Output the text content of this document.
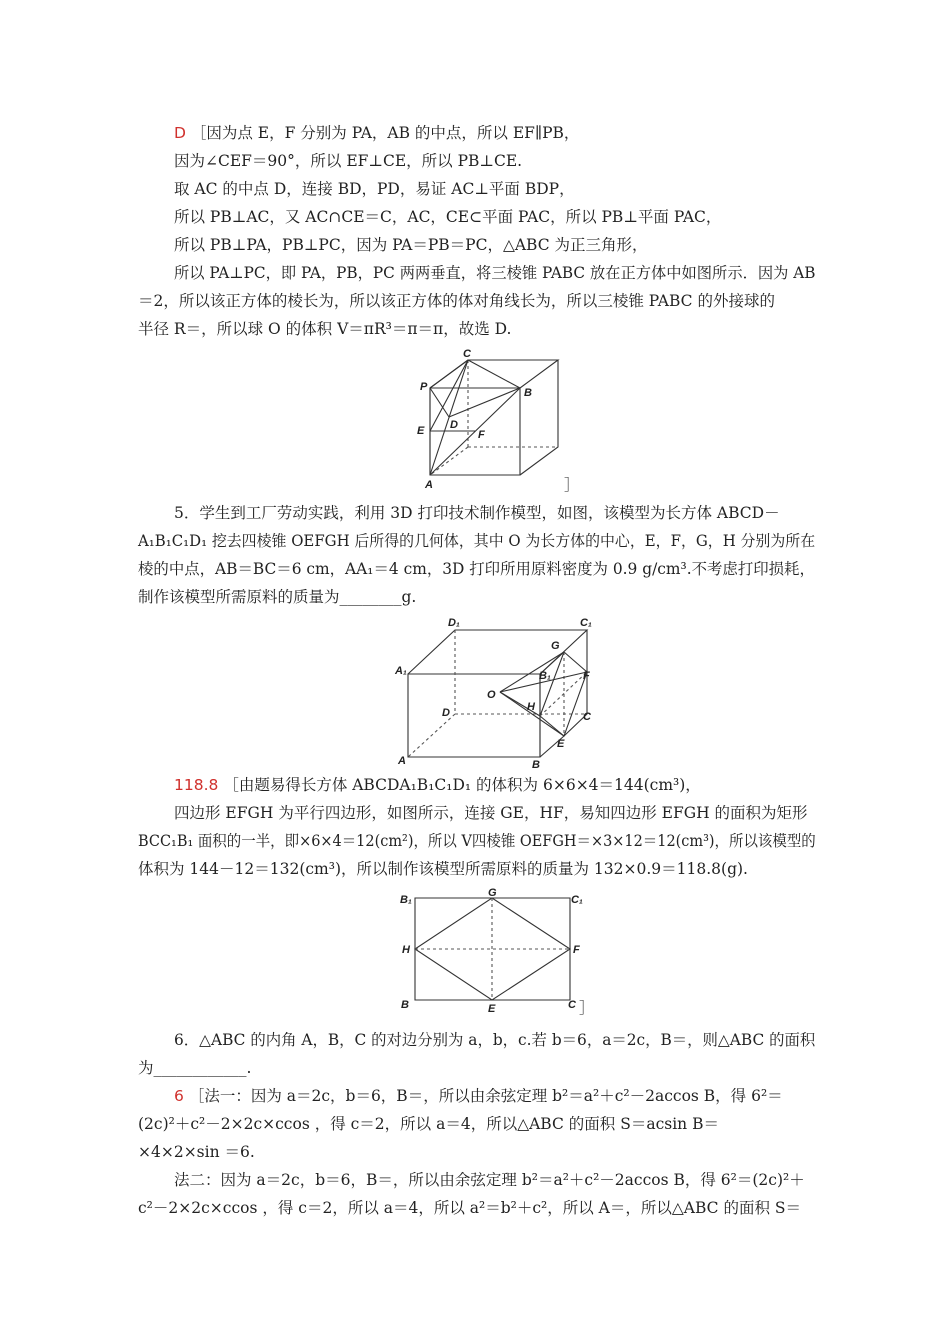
D ［因为点 E，F 分别为 PA，AB 的中点，所以 EF∥PB，
因为∠CEF＝90°，所以 EF⊥CE，所以 PB⊥CE.
取 AC 的中点 D，连接 BD，PD，易证 AC⊥平面 BDP，
所以 PB⊥AC，又 AC∩CE＝C，AC，CE⊂平面 PAC，所以 PB⊥平面 PAC，
所以 PB⊥PA，PB⊥PC，因为 PA＝PB＝PC，△ABC 为正三角形，
所以 PA⊥PC，即 PA，PB，PC 两两垂直，将三棱锥 PABC 放在正方体中如图所示．因为 AB
＝2，所以该正方体的棱长为，所以该正方体的体对角线长为，所以三棱锥 PABC 的外接球的
半径 R＝，所以球 O 的体积 V＝πR³＝π＝π，故选 D.
C
P	B
D
E	F
A	］
5．学生到工厂劳动实践，利用 3D 打印技术制作模型，如图，该模型为长方体 ABCD－
A₁B₁C₁D₁ 挖去四棱锥 OEFGH 后所得的几何体，其中 O 为长方体的中心，E，F，G，H 分别为所在
棱的中点，AB＝BC＝6 cm，AA₁＝4 cm，3D 打印所用原料密度为 0.9 g/cm³.不考虑打印损耗，
制作该模型所需原料的质量为________g.
D₁	C₁
A₁
G
B₁	F
O
H
C
D
E
A	B
118.8 ［由题易得长方体 ABCDA₁B₁C₁D₁ 的体积为 6×6×4＝144(cm³)，
四边形 EFGH 为平行四边形，如图所示，连接 GE，HF，易知四边形 EFGH 的面积为矩形
BCC₁B₁ 面积的一半，即×6×4＝12(cm²)，所以 V四棱锥 OEFGH＝×3×12＝12(cm³)，所以该模型的
体积为 144－12＝132(cm³)，所以制作该模型所需原料的质量为 132×0.9＝118.8(g).
B₁
G
C₁
H	F
B	E	C ］
6．△ABC 的内角 A，B，C 的对边分别为 a，b，c.若 b＝6，a＝2c，B＝，则△ABC 的面积
为____________.
6 ［法一：因为 a＝2c，b＝6，B＝，所以由余弦定理 b²＝a²＋c²－2accos B，得 6²＝
(2c)²＋c²－2×2c×ccos ，得 c＝2，所以 a＝4，所以△ABC 的面积 S＝acsin B＝
×4×2×sin ＝6.
法二：因为 a＝2c，b＝6，B＝，所以由余弦定理 b²＝a²＋c²－2accos B，得 6²＝(2c)²＋
c²－2×2c×ccos ，得 c＝2，所以 a＝4，所以 a²＝b²＋c²，所以 A＝，所以△ABC 的面积 S＝
